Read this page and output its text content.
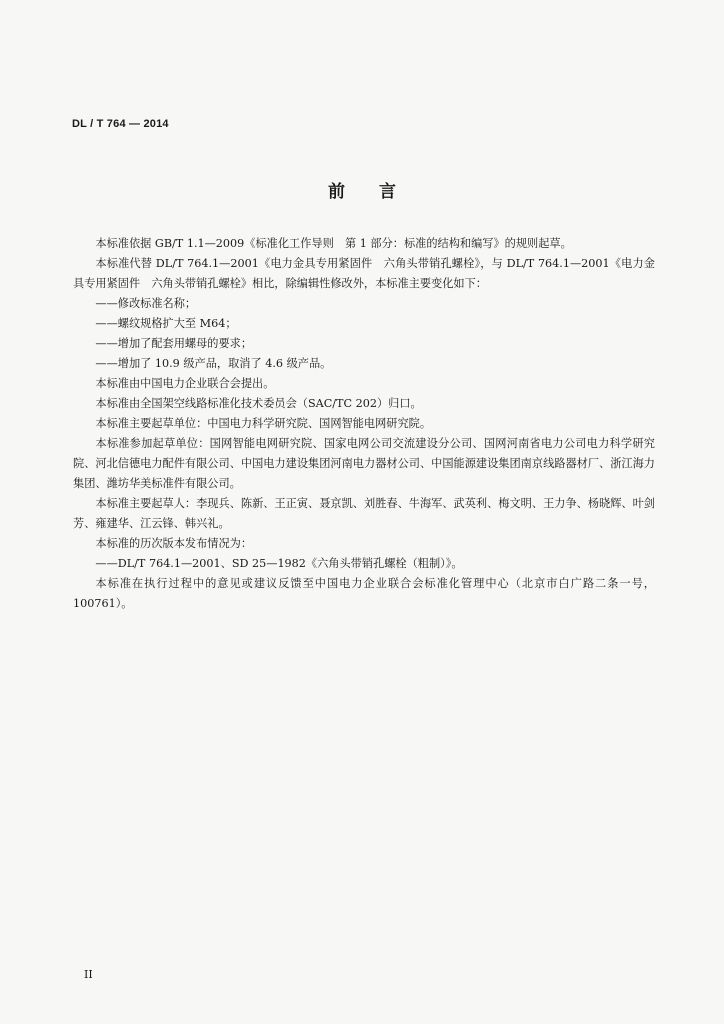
DL / T 764 — 2014
前 言

本标准依据 GB/T 1.1—2009《标准化工作导则　第 1 部分：标准的结构和编写》的规则起草。

本标准代替 DL/T 764.1—2001《电力金具专用紧固件　六角头带销孔螺栓》，与 DL/T 764.1—2001《电力金具专用紧固件　六角头带销孔螺栓》相比，除编辑性修改外，本标准主要变化如下：

——修改标准名称；

——螺纹规格扩大至 M64；

——增加了配套用螺母的要求；

——增加了 10.9 级产品，取消了 4.6 级产品。

本标准由中国电力企业联合会提出。

本标准由全国架空线路标准化技术委员会（SAC/TC 202）归口。

本标准主要起草单位：中国电力科学研究院、国网智能电网研究院。

本标准参加起草单位：国网智能电网研究院、国家电网公司交流建设分公司、国网河南省电力公司电力科学研究院、河北信德电力配件有限公司、中国电力建设集团河南电力器材公司、中国能源建设集团南京线路器材厂、浙江海力集团、潍坊华美标准件有限公司。

本标准主要起草人：李现兵、陈新、王正寅、聂京凯、刘胜春、牛海军、武英利、梅文明、王力争、杨晓辉、叶剑芳、雍建华、江云锋、韩兴礼。

本标准的历次版本发布情况为：

——DL/T 764.1—2001、SD 25—1982《六角头带销孔螺栓（粗制）》。

本标准在执行过程中的意见或建议反馈至中国电力企业联合会标准化管理中心（北京市白广路二条一号，100761）。

II
